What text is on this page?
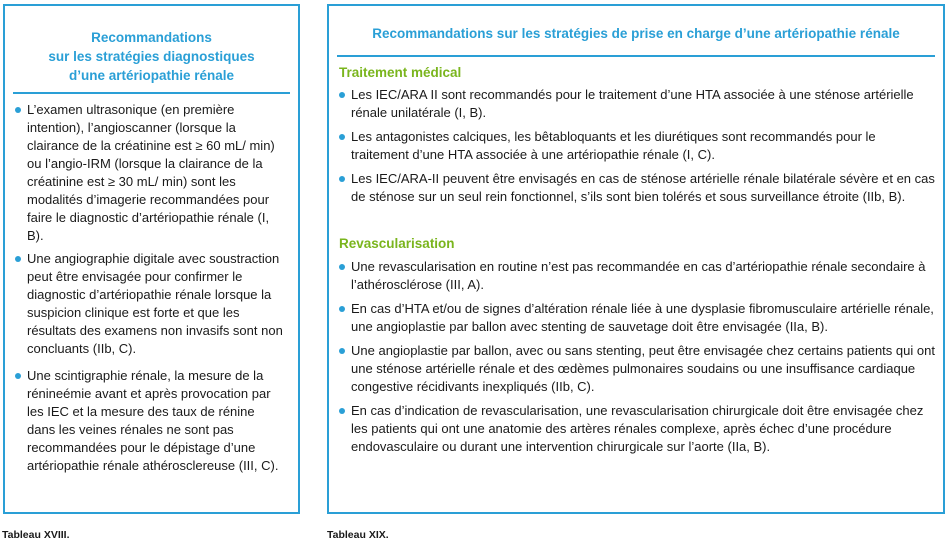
Recommandations
sur les stratégies diagnostiques
d’une artériopathie rénale
L’examen ultrasonique (en première intention), l’angioscanner (lorsque la clairance de la créatinine est ≥ 60 mL/ min) ou l’angio-IRM (lorsque la clairance de la créatinine est ≥ 30 mL/ min) sont les modalités d’imagerie recommandées pour faire le diagnostic d’artériopathie rénale (I, B).
Une angiographie digitale avec soustraction peut être envisagée pour confirmer le diagnostic d’artériopathie rénale lorsque la suspicion clinique est forte et que les résultats des examens non invasifs sont non concluants (IIb, C).
Une scintigraphie rénale, la mesure de la rénineémie avant et après provocation par les IEC et la mesure des taux de rénine dans les veines rénales ne sont pas recommandées pour le dépistage d’une artériopathie rénale athérosclereuse (III, C).
Recommandations sur les stratégies de prise en charge d’une artériopathie rénale
Traitement médical
Les IEC/ARA II sont recommandés pour le traitement d’une HTA associée à une sténose artérielle rénale unilatérale (I, B).
Les antagonistes calciques, les bêtabloquants et les diurétiques sont recommandés pour le traitement d’une HTA associée à une artériopathie rénale (I, C).
Les IEC/ARA-II peuvent être envisagés en cas de sténose artérielle rénale bilatérale sévère et en cas de sténose sur un seul rein fonctionnel, s’ils sont bien tolérés et sous surveillance étroite (IIb, B).
Revascularisation
Une revascularisation en routine n’est pas recommandée en cas d’artériopathie rénale secondaire à l’athérosclérose (III, A).
En cas d’HTA et/ou de signes d’altération rénale liée à une dysplasie fibromusculaire artérielle rénale, une angioplastie par ballon avec stenting de sauvetage doit être envisagée (IIa, B).
Une angioplastie par ballon, avec ou sans stenting, peut être envisagée chez certains patients qui ont une sténose artérielle rénale et des œdèmes pulmonaires soudains ou une insuffisance cardiaque congestive récidivants inexpliqués (IIb, C).
En cas d’indication de revascularisation, une revascularisation chirurgicale doit être envisagée chez les patients qui ont une anatomie des artères rénales complexe, après échec d’une procédure endovasculaire ou durant une intervention chirurgicale sur l’aorte (IIa, B).
Tableau XVIII.	Tableau XIX.
